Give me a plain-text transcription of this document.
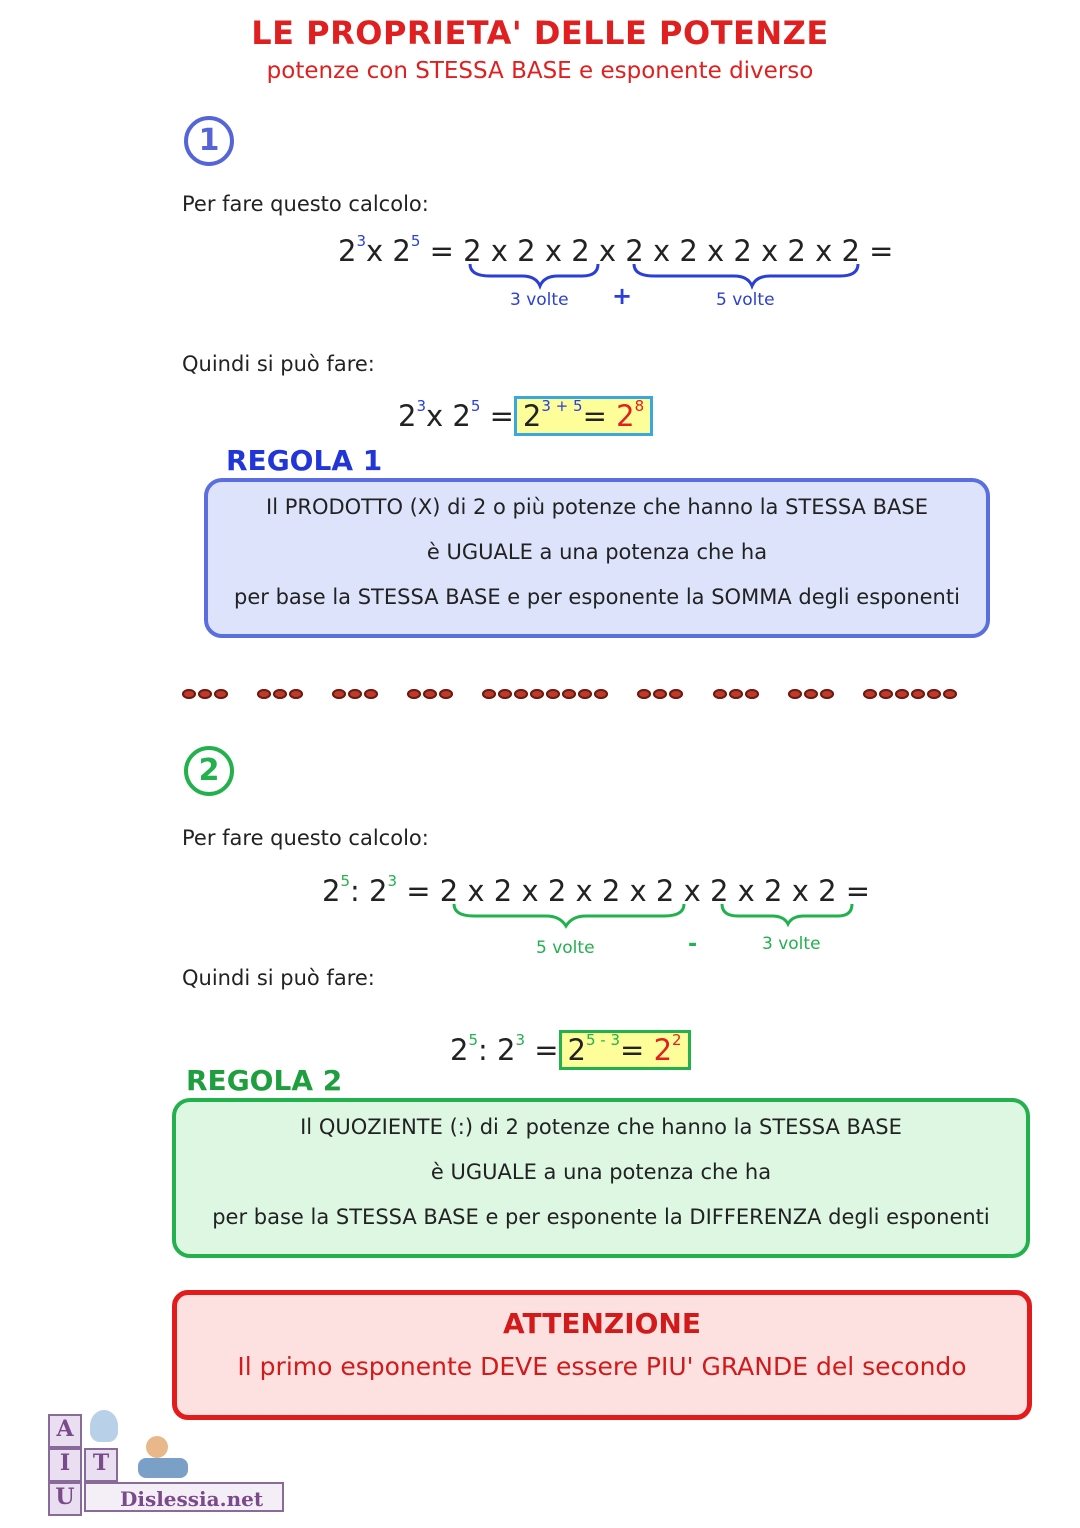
LE PROPRIETA' DELLE POTENZE
potenze con STESSA BASE e esponente diverso
1
Per fare questo calcolo:
$2^3x$ $2^5 = 2$ x 2 x 2 x 2 x 2 x 2 x 2 x 2 =
3 volte +	5 volte
Quindi si può fare:
$2^3x$ $2^5 = 2^{3 + 5}= 2^8$
REGOLA 1
Il PRODOTTO (X) di 2 o più potenze che hanno la STESSA BASE
è UGUALE a una potenza che ha
per base la STESSA BASE e per esponente la SOMMA degli esponenti

2
Per fare questo calcolo:
$2^5$: $2^3 = 2$ x 2 x 2 x 2 x 2 x 2 x 2 x 2 =
5 volte	-	3 volte
Quindi si può fare:
$2^5$: $2^3 = 2^{5 - 3}= 2^2$
REGOLA 2
Il QUOZIENTE (:) di 2 potenze che hanno la STESSA BASE
è UGUALE a una potenza che ha
per base la STESSA BASE e per esponente la DIFFERENZA degli esponenti
ATTENZIONE
Il primo esponente DEVE essere PIU' GRANDE del secondo
A
I	T
U	Dislessia.net
